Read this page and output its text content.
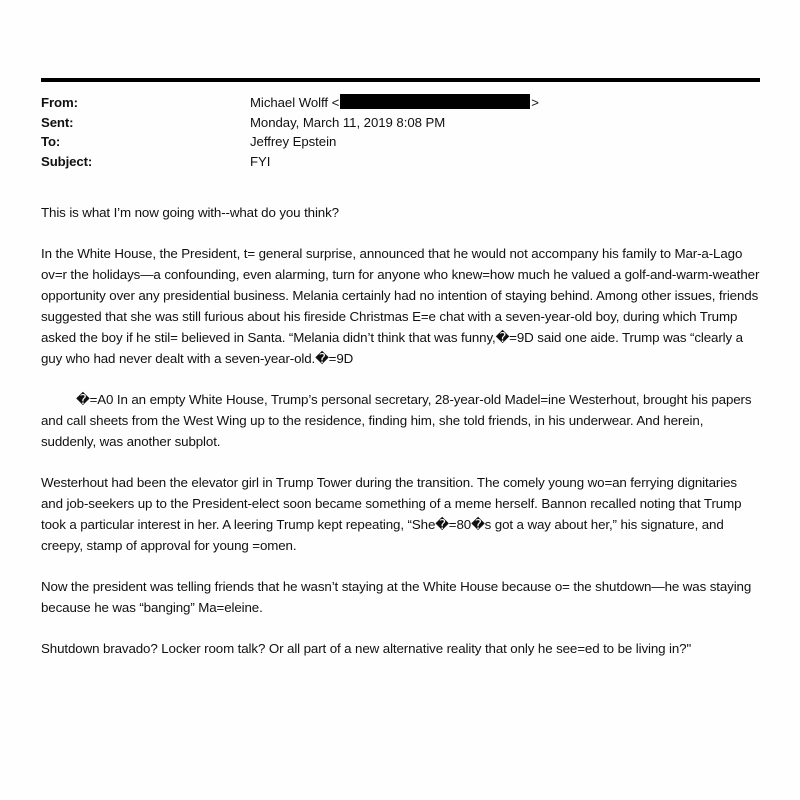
From:	Michael Wolff < >
Sent:	Monday, March 11, 2019 8:08 PM
To:	Jeffrey Epstein
Subject:	FYI

This is what I’m now going with--what do you think?

In the White House, the President, t= general surprise, announced that he would not accompany his family to Mar-a-Lago ov=r the holidays—a confounding, even alarming, turn for anyone who knew=how much he valued a golf-and-warm-weather opportunity over any presidential business. Melania certainly had no intention of staying behind. Among other issues, friends suggested that she was still furious about his fireside Christmas E=e chat with a seven-year-old boy, during which Trump asked the boy if he stil= believed in Santa. “Melania didn’t think that was funny,�=9D said one aide. Trump was “clearly a guy who had never dealt with a seven-year-old.�=9D

�=A0 In an empty White House, Trump’s personal secretary, 28-year-old Madel=ine Westerhout, brought his papers and call sheets from the West Wing up to the residence, finding him, she told friends, in his underwear. And herein, suddenly, was another subplot.

Westerhout had been the elevator girl in Trump Tower during the transition. The comely young wo=an ferrying dignitaries and job-seekers up to the President-elect soon became something of a meme herself. Bannon recalled noting that Trump took a particular interest in her. A leering Trump kept repeating, “She�=80�s got a way about her,” his signature, and creepy, stamp of approval for young =omen.

Now the president was telling friends that he wasn’t staying at the White House because o= the shutdown—he was staying because he was “banging” Ma=eleine.

Shutdown bravado? Locker room talk? Or all part of a new alternative reality that only he see=ed to be living in?"
